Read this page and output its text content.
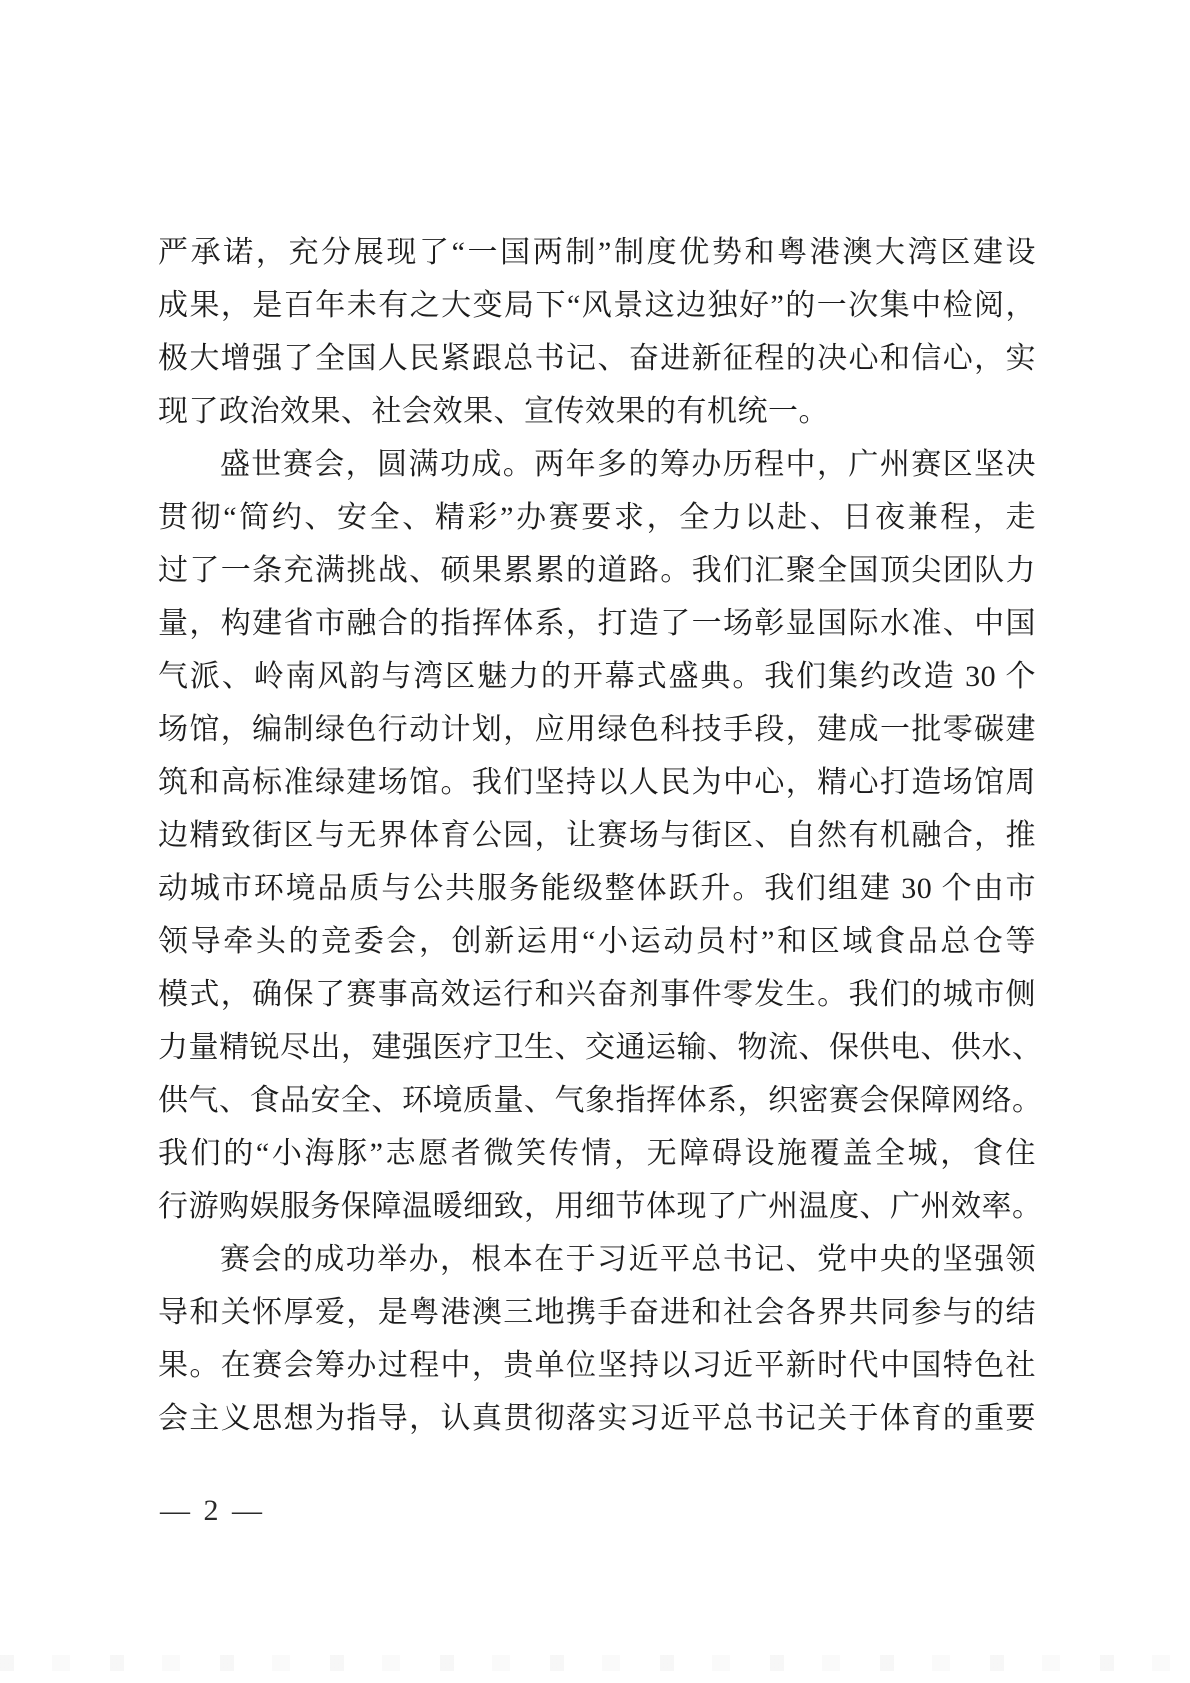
严承诺，充分展现了“一国两制”制度优势和粤港澳大湾区建设
成果，是百年未有之大变局下“风景这边独好”的一次集中检阅，
极大增强了全国人民紧跟总书记、奋进新征程的决心和信心，实
现了政治效果、社会效果、宣传效果的有机统一。
盛世赛会，圆满功成。两年多的筹办历程中，广州赛区坚决
贯彻“简约、安全、精彩”办赛要求，全力以赴、日夜兼程，走
过了一条充满挑战、硕果累累的道路。我们汇聚全国顶尖团队力
量，构建省市融合的指挥体系，打造了一场彰显国际水准、中国
气派、岭南风韵与湾区魅力的开幕式盛典。我们集约改造 30 个
场馆，编制绿色行动计划，应用绿色科技手段，建成一批零碳建
筑和高标准绿建场馆。我们坚持以人民为中心，精心打造场馆周
边精致街区与无界体育公园，让赛场与街区、自然有机融合，推
动城市环境品质与公共服务能级整体跃升。我们组建 30 个由市
领导牵头的竞委会，创新运用“小运动员村”和区域食品总仓等
模式，确保了赛事高效运行和兴奋剂事件零发生。我们的城市侧
力量精锐尽出，建强医疗卫生、交通运输、物流、保供电、供水、
供气、食品安全、环境质量、气象指挥体系，织密赛会保障网络。
我们的“小海豚”志愿者微笑传情，无障碍设施覆盖全城，食住
行游购娱服务保障温暖细致，用细节体现了广州温度、广州效率。
赛会的成功举办，根本在于习近平总书记、党中央的坚强领
导和关怀厚爱，是粤港澳三地携手奋进和社会各界共同参与的结
果。在赛会筹办过程中，贵单位坚持以习近平新时代中国特色社
会主义思想为指导，认真贯彻落实习近平总书记关于体育的重要
— 2 —
